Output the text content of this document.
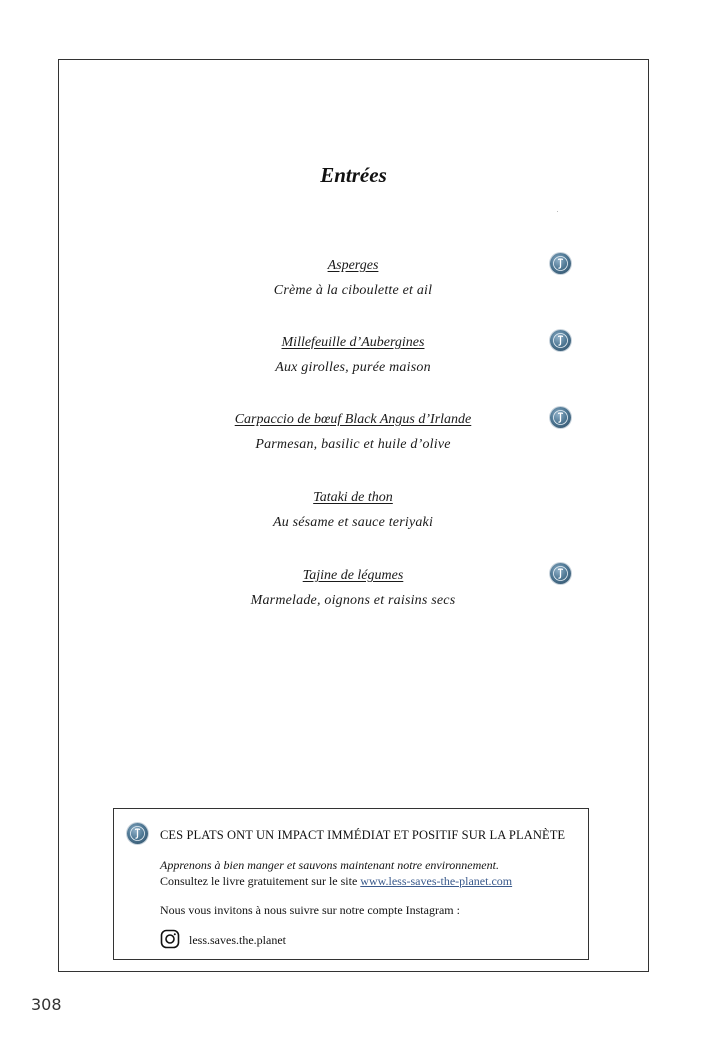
Entrées
Asperges
Crème à la ciboulette et ail
Millefeuille d’Aubergines
Aux girolles, purée maison
Carpaccio de bœuf Black Angus d’Irlande
Parmesan, basilic et huile d’olive
Tataki de thon
Au sésame et sauce teriyaki
Tajine de légumes
Marmelade, oignons et raisins secs
CES PLATS ONT UN IMPACT IMMÉDIAT ET POSITIF SUR LA PLANÈTE
Apprenons à bien manger et sauvons maintenant notre environnement.
Consultez le livre gratuitement sur le site www.less-saves-the-planet.com
Nous vous invitons à nous suivre sur notre compte Instagram :
less.saves.the.planet
308
